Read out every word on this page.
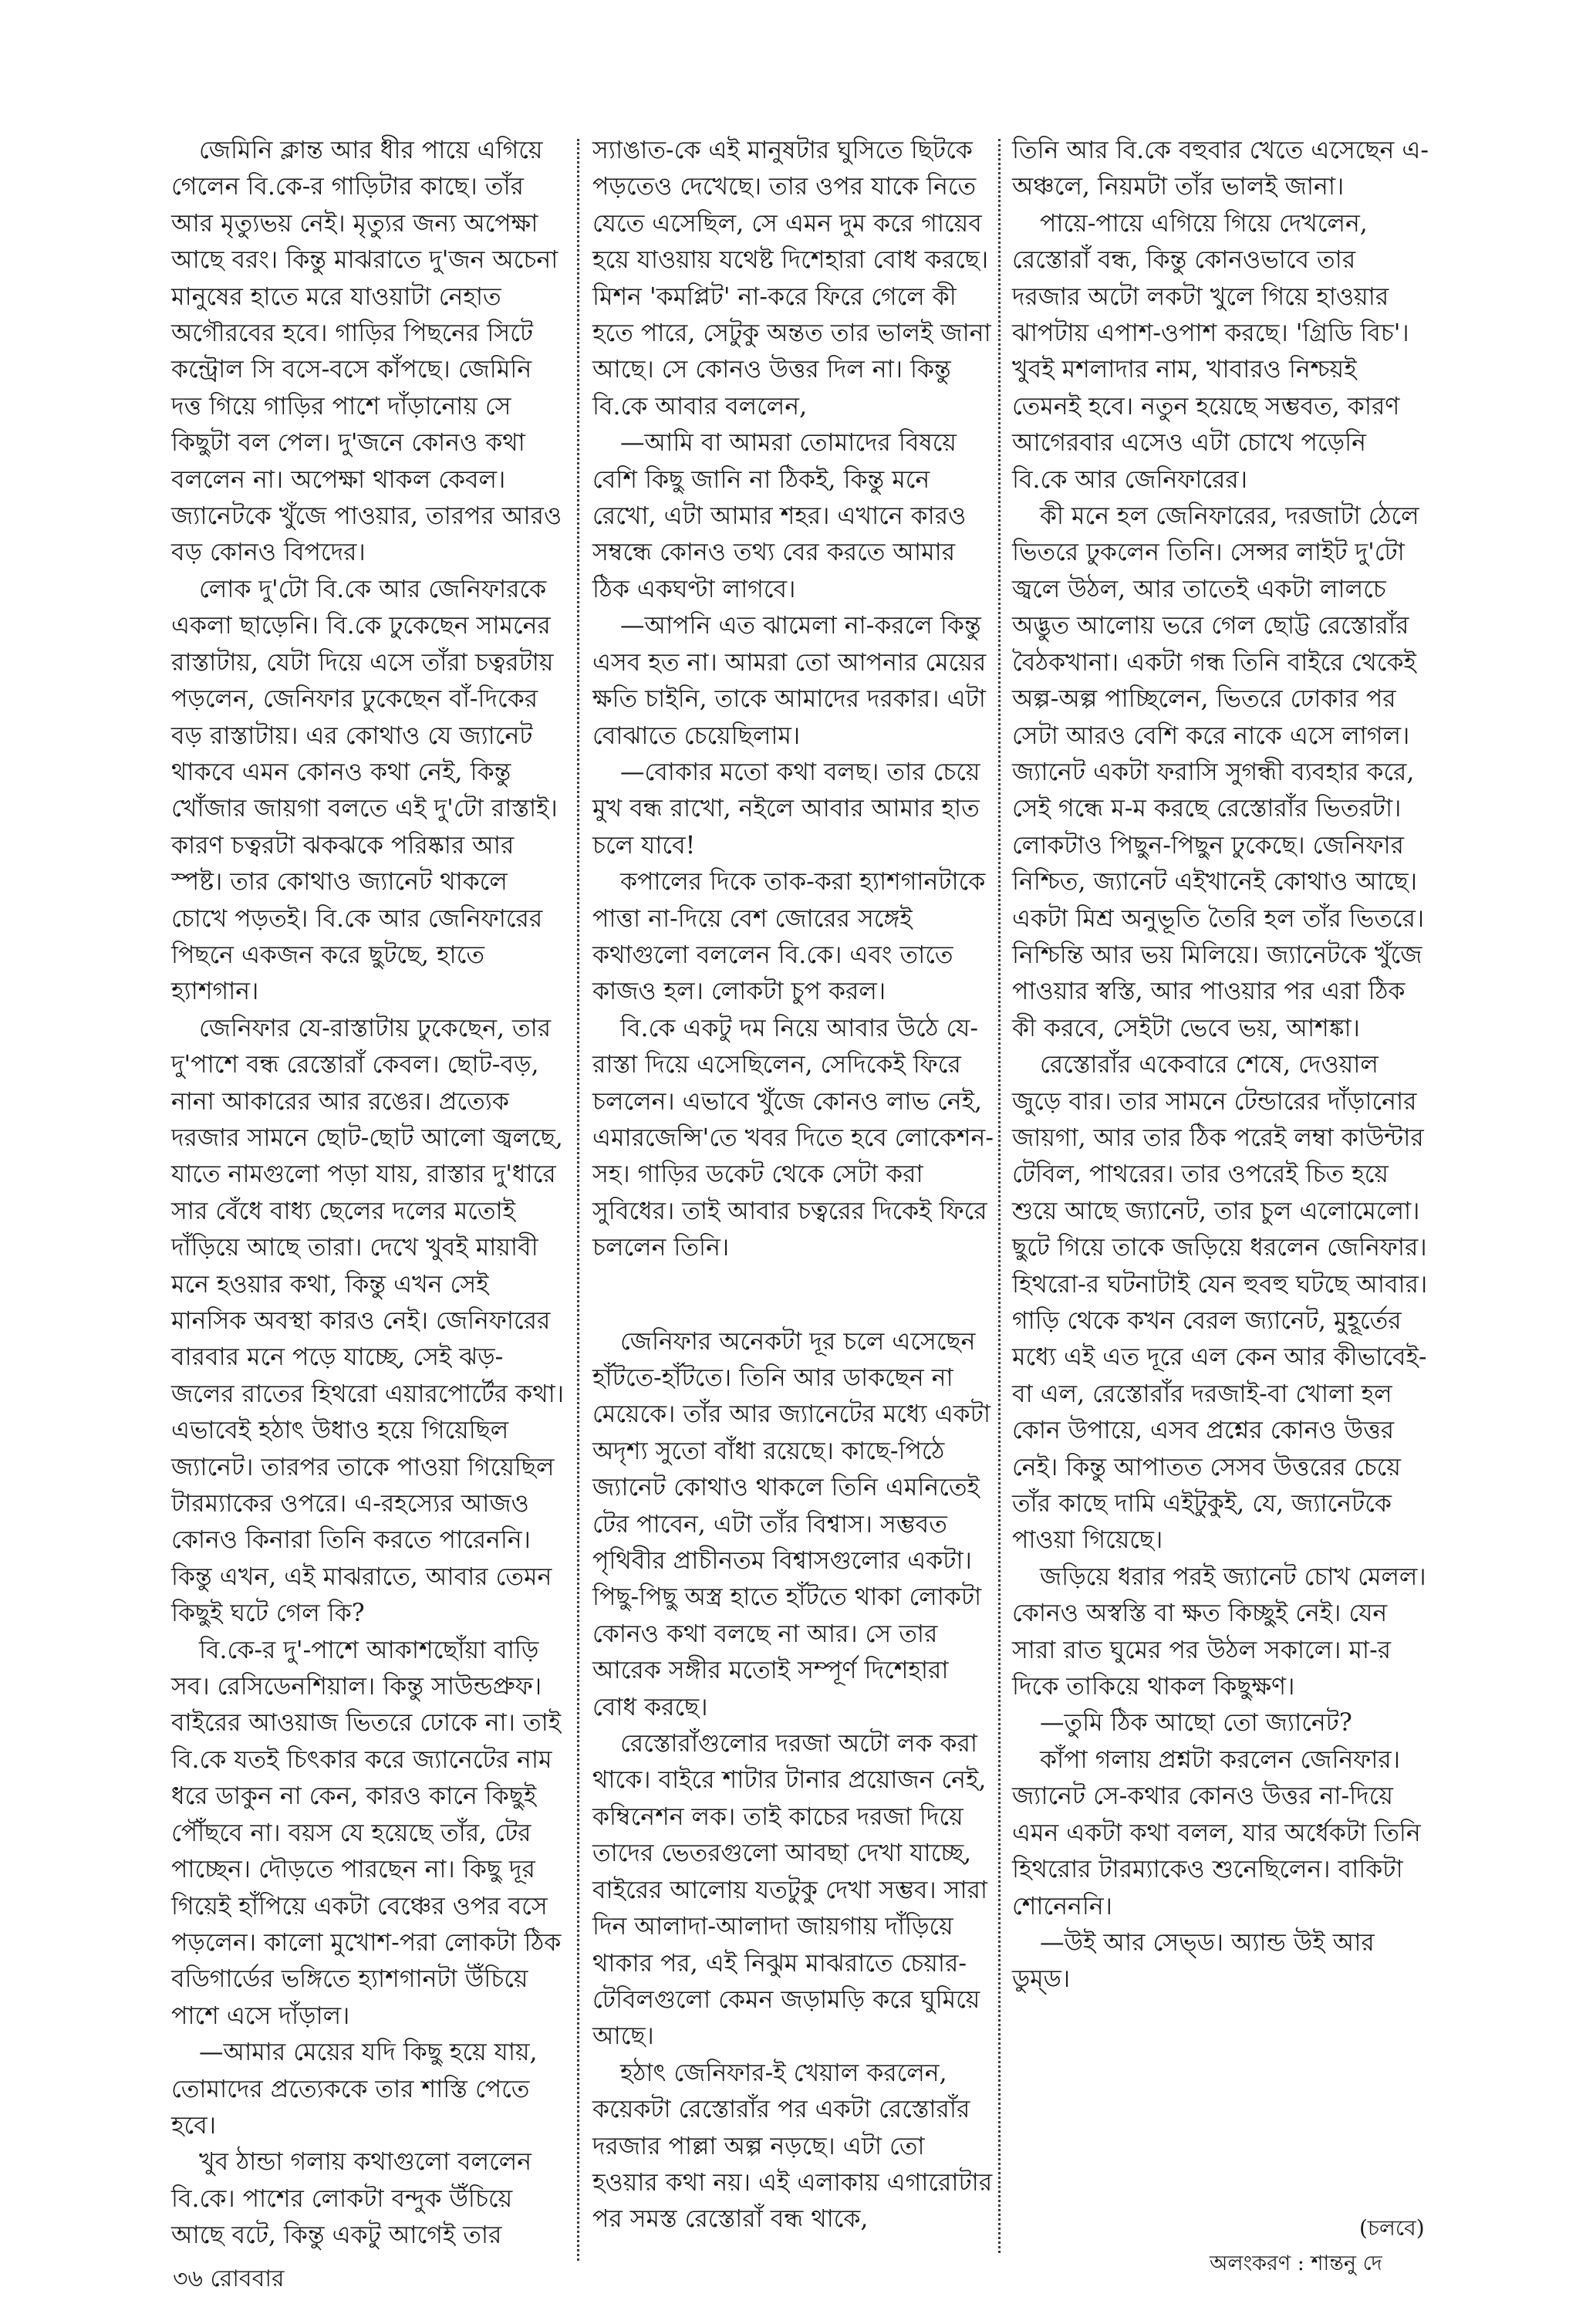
জেমিনি ক্লান্ত আর ধীর পায়ে এগিয়ে গেলেন বি.কে-র গাড়িটার কাছে। তাঁর আর মৃত্যুভয় নেই। মৃত্যুর জন্য অপেক্ষা আছে বরং। কিন্তু মাঝরাতে দু'জন অচেনা মানুষের হাতে মরে যাওয়াটা নেহাত অগৌরবের হবে। গাড়ির পিছনের সিটে কন্ট্রোল সি বসে-বসে কাঁপছে। জেমিনি দত্ত গিয়ে গাড়ির পাশে দাঁড়ানোয় সে কিছুটা বল পেল। দু'জনে কোনও কথা বললেন না। অপেক্ষা থাকল কেবল। জ্যানেটকে খুঁজে পাওয়ার, তারপর আরও বড় কোনও বিপদের।

লোক দু'টো বি.কে আর জেনিফারকে একলা ছাড়েনি। বি.কে ঢুকেছেন সামনের রাস্তাটায়, যেটা দিয়ে এসে তাঁরা চত্বরটায় পড়লেন, জেনিফার ঢুকেছেন বাঁ-দিকের বড় রাস্তাটায়। এর কোথাও যে জ্যানেট থাকবে এমন কোনও কথা নেই, কিন্তু খোঁজার জায়গা বলতে এই দু'টো রাস্তাই। কারণ চত্বরটা ঝকঝকে পরিষ্কার আর স্পষ্ট। তার কোথাও জ্যানেট থাকলে চোখে পড়তই। বি.কে আর জেনিফারের পিছনে একজন করে ছুটছে, হাতে হ্যাশগান।

জেনিফার যে-রাস্তাটায় ঢুকেছেন, তার দু'পাশে বন্ধ রেস্তোরাঁ কেবল। ছোট-বড়, নানা আকারের আর রঙের। প্রত্যেক দরজার সামনে ছোট-ছোট আলো জ্বলছে, যাতে নামগুলো পড়া যায়, রাস্তার দু'ধারে সার বেঁধে বাধ্য ছেলের দলের মতোই দাঁড়িয়ে আছে তারা। দেখে খুবই মায়াবী মনে হওয়ার কথা, কিন্তু এখন সেই মানসিক অবস্থা কারও নেই। জেনিফারের বারবার মনে পড়ে যাচ্ছে, সেই ঝড়-জলের রাতের হিথরো এয়ারপোর্টের কথা। এভাবেই হঠাৎ উধাও হয়ে গিয়েছিল জ্যানেট। তারপর তাকে পাওয়া গিয়েছিল টারম্যাকের ওপরে। এ-রহস্যের আজও কোনও কিনারা তিনি করতে পারেননি। কিন্তু এখন, এই মাঝরাতে, আবার তেমন কিছুই ঘটে গেল কি?

বি.কে-র দু'-পাশে আকাশছোঁয়া বাড়ি সব। রেসিডেনশিয়াল। কিন্তু সাউন্ডপ্রুফ। বাইরের আওয়াজ ভিতরে ঢোকে না। তাই বি.কে যতই চিৎকার করে জ্যানেটের নাম ধরে ডাকুন না কেন, কারও কানে কিছুই পৌঁছবে না। বয়স যে হয়েছে তাঁর, টের পাচ্ছেন। দৌড়তে পারছেন না। কিছু দূর গিয়েই হাঁপিয়ে একটা বেঞ্চের ওপর বসে পড়লেন। কালো মুখোশ-পরা লোকটা ঠিক বডিগার্ডের ভঙ্গিতে হ্যাশগানটা উঁচিয়ে পাশে এসে দাঁড়াল।

—আমার মেয়ের যদি কিছু হয়ে যায়, তোমাদের প্রত্যেককে তার শাস্তি পেতে হবে।

খুব ঠান্ডা গলায় কথাগুলো বললেন বি.কে। পাশের লোকটা বন্দুক উঁচিয়ে আছে বটে, কিন্তু একটু আগেই তার

স্যাঙাত-কে এই মানুষটার ঘুসিতে ছিটকে পড়তেও দেখেছে। তার ওপর যাকে নিতে যেতে এসেছিল, সে এমন দুম করে গায়েব হয়ে যাওয়ায় যথেষ্ট দিশেহারা বোধ করছে। মিশন 'কমপ্লিট' না-করে ফিরে গেলে কী হতে পারে, সেটুকু অন্তত তার ভালই জানা আছে। সে কোনও উত্তর দিল না। কিন্তু বি.কে আবার বললেন,

—আমি বা আমরা তোমাদের বিষয়ে বেশি কিছু জানি না ঠিকই, কিন্তু মনে রেখো, এটা আমার শহর। এখানে কারও সম্বন্ধে কোনও তথ্য বের করতে আমার ঠিক একঘণ্টা লাগবে।

—আপনি এত ঝামেলা না-করলে কিন্তু এসব হত না। আমরা তো আপনার মেয়ের ক্ষতি চাইনি, তাকে আমাদের দরকার। এটা বোঝাতে চেয়েছিলাম।

—বোকার মতো কথা বলছ। তার চেয়ে মুখ বন্ধ রাখো, নইলে আবার আমার হাত চলে যাবে!

কপালের দিকে তাক-করা হ্যাশগানটাকে পাত্তা না-দিয়ে বেশ জোরের সঙ্গেই কথাগুলো বললেন বি.কে। এবং তাতে কাজও হল। লোকটা চুপ করল।

বি.কে একটু দম নিয়ে আবার উঠে যে-রাস্তা দিয়ে এসেছিলেন, সেদিকেই ফিরে চললেন। এভাবে খুঁজে কোনও লাভ নেই, এমারজেন্সি'তে খবর দিতে হবে লোকেশন-সহ। গাড়ির ডকেট থেকে সেটা করা সুবিধের। তাই আবার চত্বরের দিকেই ফিরে চললেন তিনি।

জেনিফার অনেকটা দূর চলে এসেছেন হাঁটতে-হাঁটতে। তিনি আর ডাকছেন না মেয়েকে। তাঁর আর জ্যানেটের মধ্যে একটা অদৃশ্য সুতো বাঁধা রয়েছে। কাছে-পিঠে জ্যানেট কোথাও থাকলে তিনি এমনিতেই টের পাবেন, এটা তাঁর বিশ্বাস। সম্ভবত পৃথিবীর প্রাচীনতম বিশ্বাসগুলোর একটা। পিছু-পিছু অস্ত্র হাতে হাঁটতে থাকা লোকটা কোনও কথা বলছে না আর। সে তার আরেক সঙ্গীর মতোই সম্পূর্ণ দিশেহারা বোধ করছে।

রেস্তোরাঁগুলোর দরজা অটো লক করা থাকে। বাইরে শাটার টানার প্রয়োজন নেই, কম্বিনেশন লক। তাই কাচের দরজা দিয়ে তাদের ভেতরগুলো আবছা দেখা যাচ্ছে, বাইরের আলোয় যতটুকু দেখা সম্ভব। সারা দিন আলাদা-আলাদা জায়গায় দাঁড়িয়ে থাকার পর, এই নিঝুম মাঝরাতে চেয়ার-টেবিলগুলো কেমন জড়ামড়ি করে ঘুমিয়ে আছে।

হঠাৎ জেনিফার-ই খেয়াল করলেন, কয়েকটা রেস্তোরাঁর পর একটা রেস্তোরাঁর দরজার পাল্লা অল্প নড়ছে। এটা তো হওয়ার কথা নয়। এই এলাকায় এগারোটার পর সমস্ত রেস্তোরাঁ বন্ধ থাকে,

তিনি আর বি.কে বহুবার খেতে এসেছেন এ-অঞ্চলে, নিয়মটা তাঁর ভালই জানা।

পায়ে-পায়ে এগিয়ে গিয়ে দেখলেন, রেস্তোরাঁ বন্ধ, কিন্তু কোনওভাবে তার দরজার অটো লকটা খুলে গিয়ে হাওয়ার ঝাপটায় এপাশ-ওপাশ করছে। 'গ্রিডি বিচ'। খুবই মশলাদার নাম, খাবারও নিশ্চয়ই তেমনই হবে। নতুন হয়েছে সম্ভবত, কারণ আগেরবার এসেও এটা চোখে পড়েনি বি.কে আর জেনিফারের।

কী মনে হল জেনিফারের, দরজাটা ঠেলে ভিতরে ঢুকলেন তিনি। সেন্সর লাইট দু'টো জ্বলে উঠল, আর তাতেই একটা লালচে অদ্ভুত আলোয় ভরে গেল ছোট্ট রেস্তোরাঁর বৈঠকখানা। একটা গন্ধ তিনি বাইরে থেকেই অল্প-অল্প পাচ্ছিলেন, ভিতরে ঢোকার পর সেটা আরও বেশি করে নাকে এসে লাগল। জ্যানেট একটা ফরাসি সুগন্ধী ব্যবহার করে, সেই গন্ধে ম-ম করছে রেস্তোরাঁর ভিতরটা। লোকটাও পিছুন-পিছুন ঢুকেছে। জেনিফার নিশ্চিত, জ্যানেট এইখানেই কোথাও আছে। একটা মিশ্র অনুভূতি তৈরি হল তাঁর ভিতরে। নিশ্চিন্তি আর ভয় মিলিয়ে। জ্যানেটকে খুঁজে পাওয়ার স্বস্তি, আর পাওয়ার পর এরা ঠিক কী করবে, সেইটা ভেবে ভয়, আশঙ্কা।

রেস্তোরাঁর একেবারে শেষে, দেওয়াল জুড়ে বার। তার সামনে টেন্ডারের দাঁড়ানোর জায়গা, আর তার ঠিক পরেই লম্বা কাউন্টার টেবিল, পাথরের। তার ওপরেই চিত হয়ে শুয়ে আছে জ্যানেট, তার চুল এলোমেলো। ছুটে গিয়ে তাকে জড়িয়ে ধরলেন জেনিফার। হিথরো-র ঘটনাটাই যেন হুবহু ঘটছে আবার। গাড়ি থেকে কখন বেরল জ্যানেট, মুহূর্তের মধ্যে এই এত দূরে এল কেন আর কীভাবেই-বা এল, রেস্তোরাঁর দরজাই-বা খোলা হল কোন উপায়ে, এসব প্রশ্নের কোনও উত্তর নেই। কিন্তু আপাতত সেসব উত্তরের চেয়ে তাঁর কাছে দামি এইটুকুই, যে, জ্যানেটকে পাওয়া গিয়েছে।

জড়িয়ে ধরার পরই জ্যানেট চোখ মেলল। কোনও অস্বস্তি বা ক্ষত কিচ্ছুই নেই। যেন সারা রাত ঘুমের পর উঠল সকালে। মা-র দিকে তাকিয়ে থাকল কিছুক্ষণ।

—তুমি ঠিক আছো তো জ্যানেট?

কাঁপা গলায় প্রশ্নটা করলেন জেনিফার। জ্যানেট সে-কথার কোনও উত্তর না-দিয়ে এমন একটা কথা বলল, যার অর্ধেকটা তিনি হিথরোর টারম্যাকেও শুনেছিলেন। বাকিটা শোনেননি।

—উই আর সেভ্ড। অ্যান্ড উই আর ডুম্ড।

(চলবে)
অলংকরণ : শান্তনু দে
৩৬ রোববার
